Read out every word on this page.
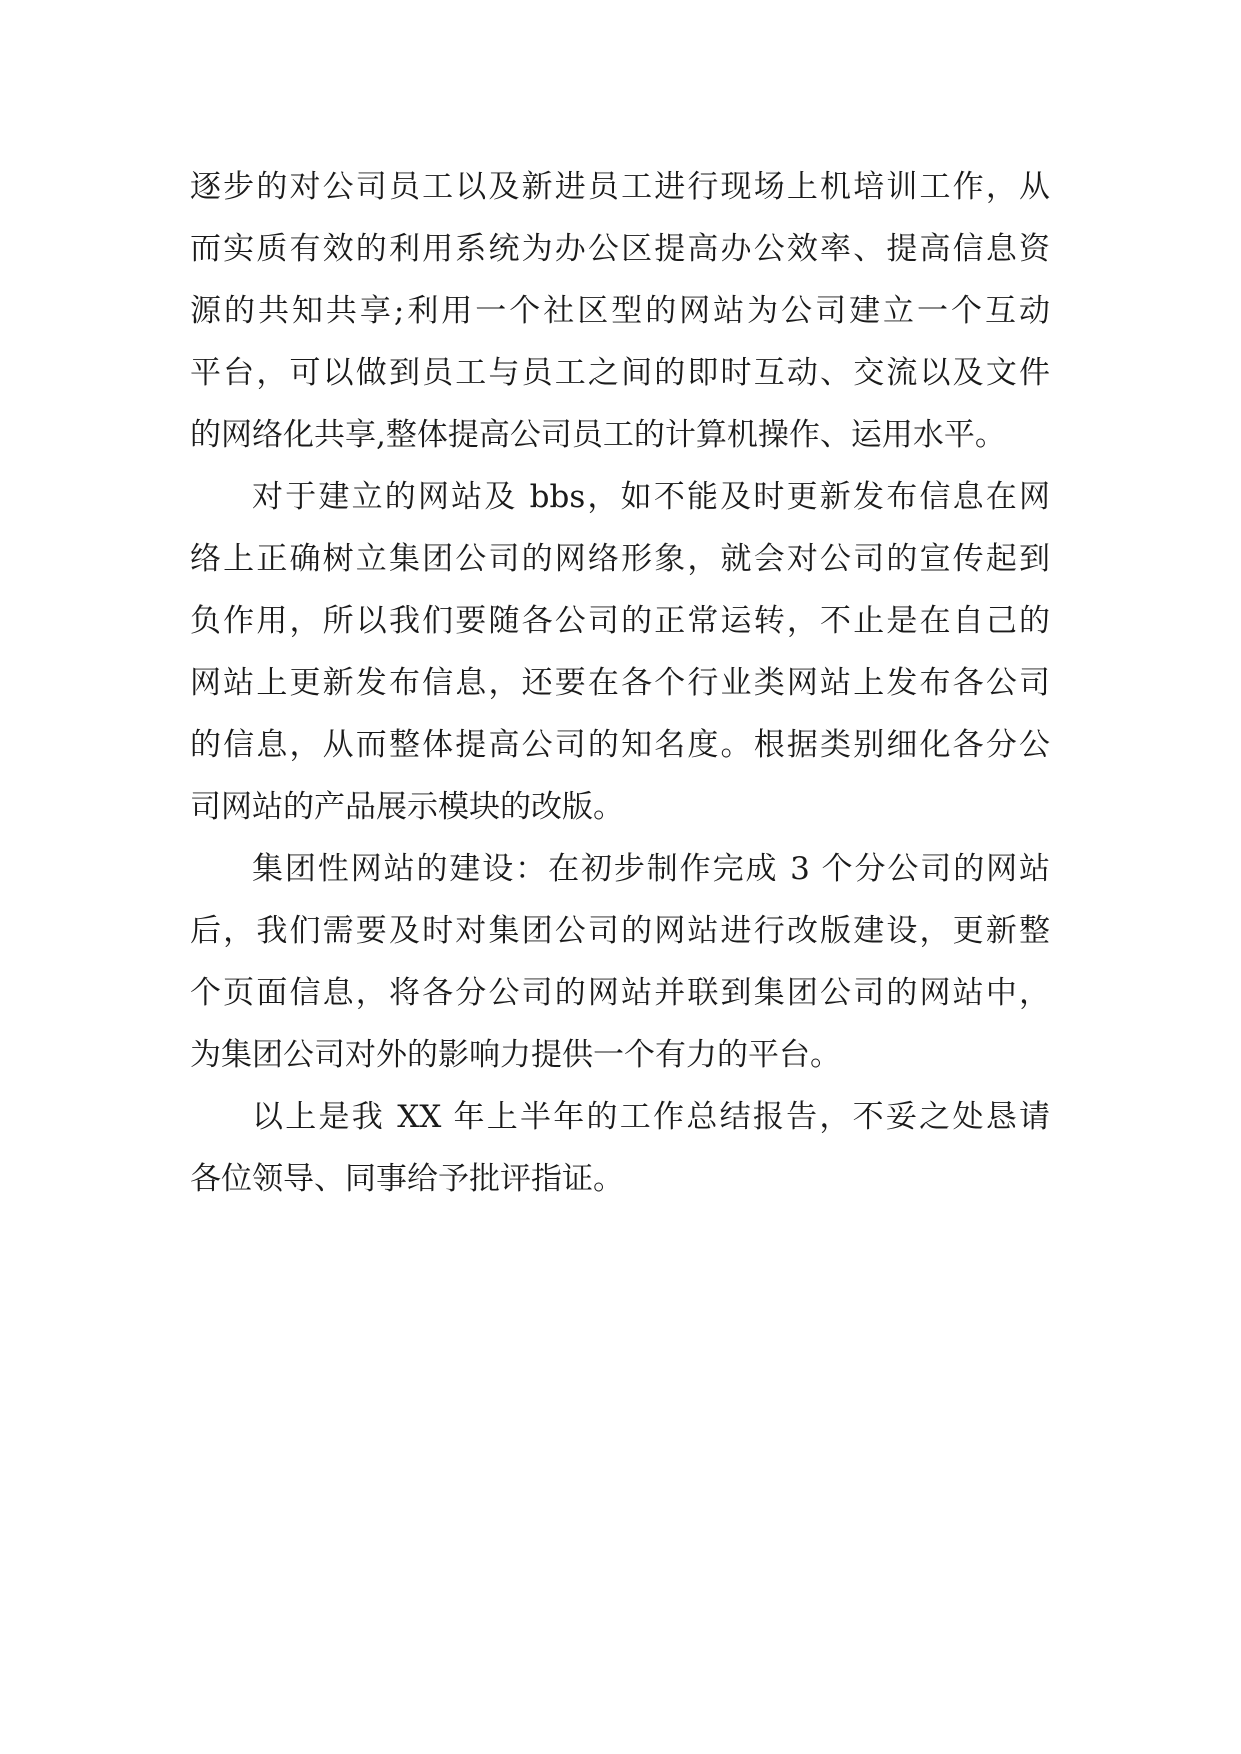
逐步的对公司员工以及新进员工进行现场上机培训工作，从
而实质有效的利用系统为办公区提高办公效率、提高信息资
源的共知共享;利用一个社区型的网站为公司建立一个互动
平台，可以做到员工与员工之间的即时互动、交流以及文件
的网络化共享,整体提高公司员工的计算机操作、运用水平。
对于建立的网站及 bbs，如不能及时更新发布信息在网
络上正确树立集团公司的网络形象，就会对公司的宣传起到
负作用，所以我们要随各公司的正常运转，不止是在自己的
网站上更新发布信息，还要在各个行业类网站上发布各公司
的信息，从而整体提高公司的知名度。根据类别细化各分公
司网站的产品展示模块的改版。
集团性网站的建设：在初步制作完成 3 个分公司的网站
后，我们需要及时对集团公司的网站进行改版建设，更新整
个页面信息，将各分公司的网站并联到集团公司的网站中，
为集团公司对外的影响力提供一个有力的平台。
以上是我 XX 年上半年的工作总结报告，不妥之处恳请
各位领导、同事给予批评指证。
